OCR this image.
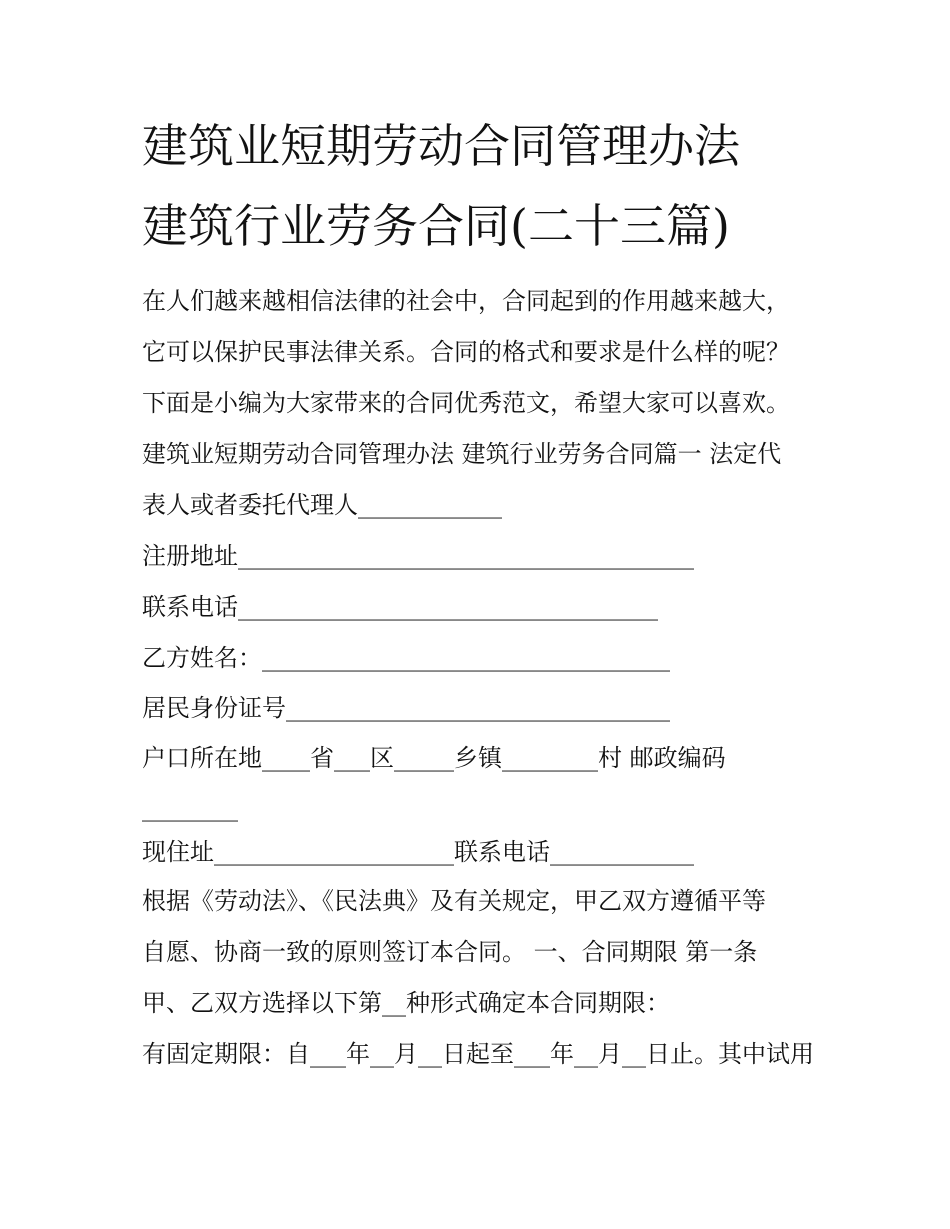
建筑业短期劳动合同管理办法
建筑行业劳务合同(二十三篇)
在人们越来越相信法律的社会中，合同起到的作用越来越大，
它可以保护民事法律关系。合同的格式和要求是什么样的呢？
下面是小编为大家带来的合同优秀范文，希望大家可以喜欢。
建筑业短期劳动合同管理办法 建筑行业劳务合同篇一 法定代
表人或者委托代理人____________
注册地址______________________________________
联系电话___________________________________
乙方姓名：__________________________________
居民身份证号________________________________
户口所在地____省___区_____乡镇________村 邮政编码
________
现住址____________________联系电话____________
根据《劳动法》、《民法典》及有关规定，甲乙双方遵循平等
自愿、协商一致的原则签订本合同。 一、合同期限 第一条
甲、乙双方选择以下第__种形式确定本合同期限：
有固定期限：自___年__月__日起至___年__月__日止。其中试用
